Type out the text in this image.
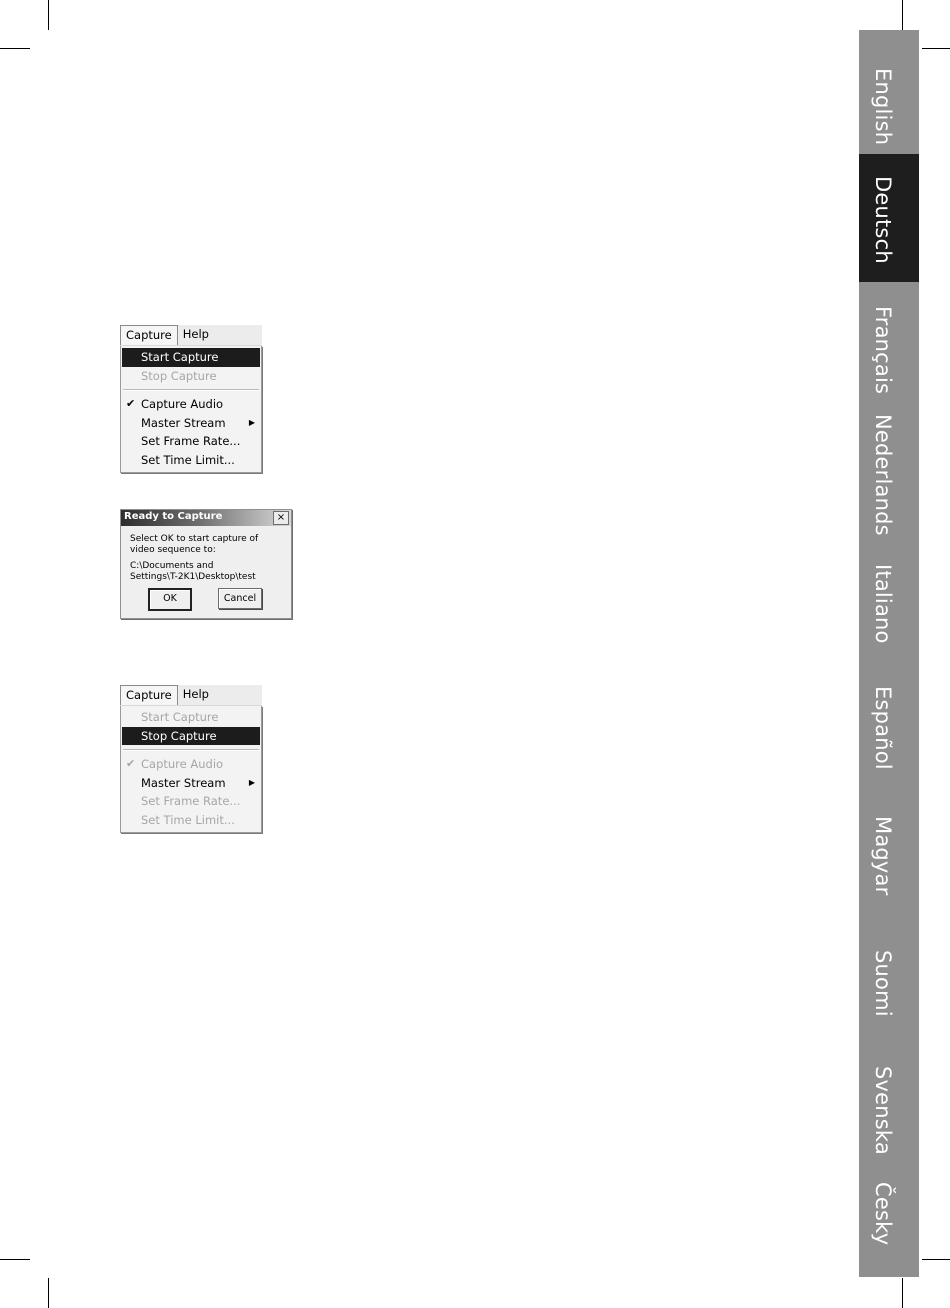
Capture Help
Start Capture
Stop Capture
✔ Capture Audio
Master Stream	▶
Set Frame Rate...
Set Time Limit...
Ready to Capture	×
Select OK to start capture of
video sequence to:
C:\Documents and
Settings\T-2K1\Desktop\test
OK	Cancel
Capture Help
Start Capture
Stop Capture
✔ Capture Audio
Master Stream	▶
Set Frame Rate...
Set Time Limit...
English
Deutsch
Français
Nederlands
Italiano
Español
Magyar
Suomi
Svenska
Česky
